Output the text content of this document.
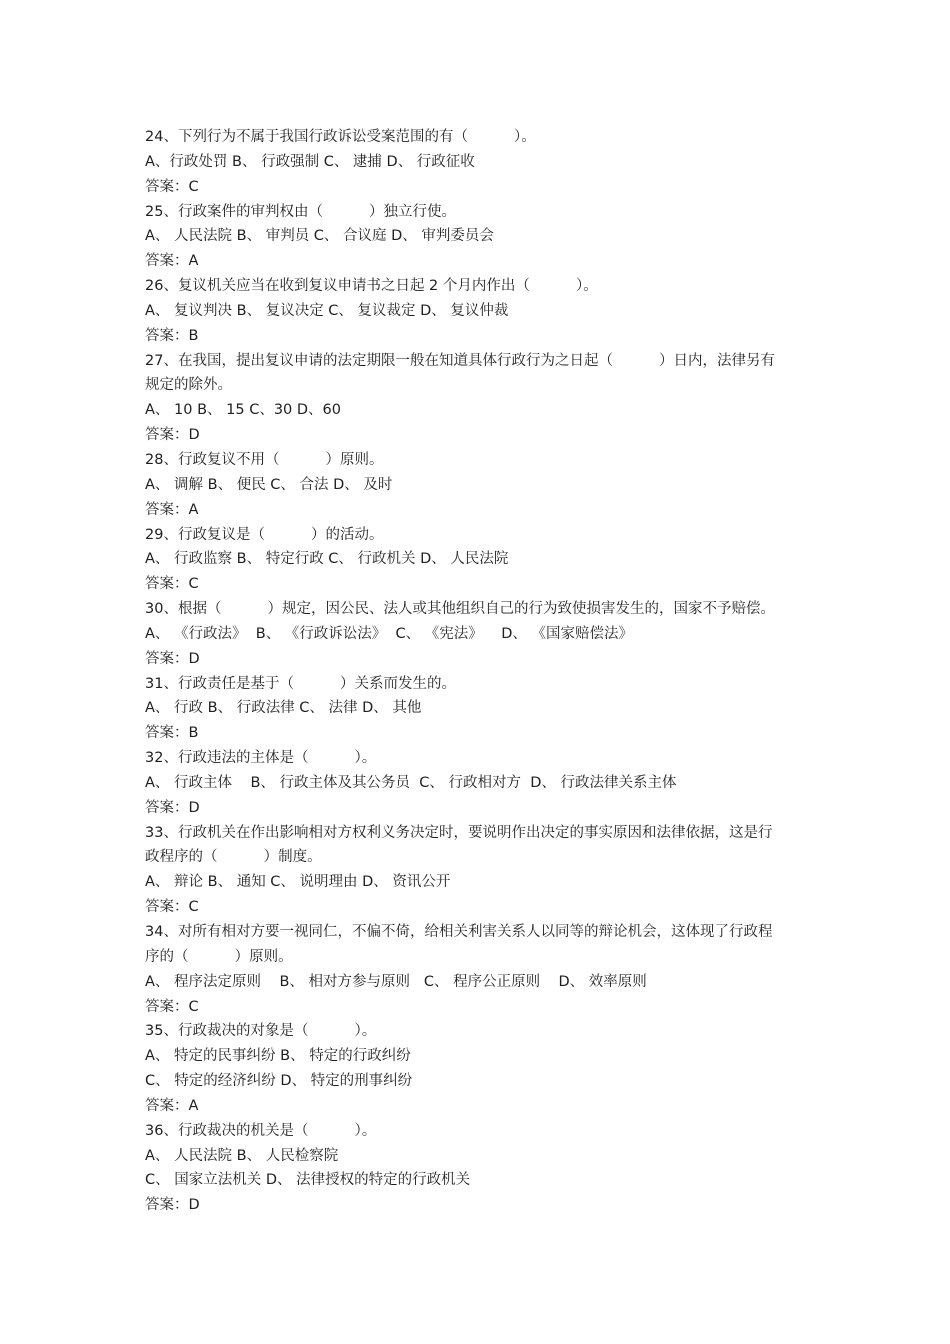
24、下列行为不属于我国行政诉讼受案范围的有（          ）。
A、行政处罚 B、 行政强制 C、 逮捕 D、 行政征收
答案：C
25、行政案件的审判权由（          ）独立行使。
A、 人民法院 B、 审判员 C、 合议庭 D、 审判委员会
答案：A
26、复议机关应当在收到复议申请书之日起 2 个月内作出（          ）。
A、 复议判决 B、 复议决定 C、 复议裁定 D、 复议仲裁
答案：B
27、在我国，提出复议申请的法定期限一般在知道具体行政行为之日起（          ）日内，法律另有
规定的除外。
A、 10 B、 15 C、30 D、60
答案：D
28、行政复议不用（          ）原则。
A、 调解 B、 便民 C、 合法 D、 及时
答案：A
29、行政复议是（          ）的活动。
A、 行政监察 B、 特定行政 C、 行政机关 D、 人民法院
答案：C
30、根据（          ）规定，因公民、法人或其他组织自己的行为致使损害发生的，国家不予赔偿。
A、 《行政法》  B、 《行政诉讼法》  C、 《宪法》    D、 《国家赔偿法》
答案：D
31、行政责任是基于（          ）关系而发生的。
A、 行政 B、 行政法律 C、 法律 D、 其他
答案：B
32、行政违法的主体是（          ）。
A、 行政主体    B、 行政主体及其公务员  C、 行政相对方  D、 行政法律关系主体
答案：D
33、行政机关在作出影响相对方权利义务决定时，要说明作出决定的事实原因和法律依据，这是行
政程序的（          ）制度。
A、 辩论 B、 通知 C、 说明理由 D、 资讯公开
答案：C
34、对所有相对方要一视同仁，不偏不倚，给相关利害关系人以同等的辩论机会，这体现了行政程
序的（          ）原则。
A、 程序法定原则    B、 相对方参与原则   C、 程序公正原则    D、 效率原则
答案：C
35、行政裁决的对象是（          ）。
A、 特定的民事纠纷 B、 特定的行政纠纷
C、 特定的经济纠纷 D、 特定的刑事纠纷
答案：A
36、行政裁决的机关是（          ）。
A、 人民法院 B、 人民检察院
C、 国家立法机关 D、 法律授权的特定的行政机关
答案：D
